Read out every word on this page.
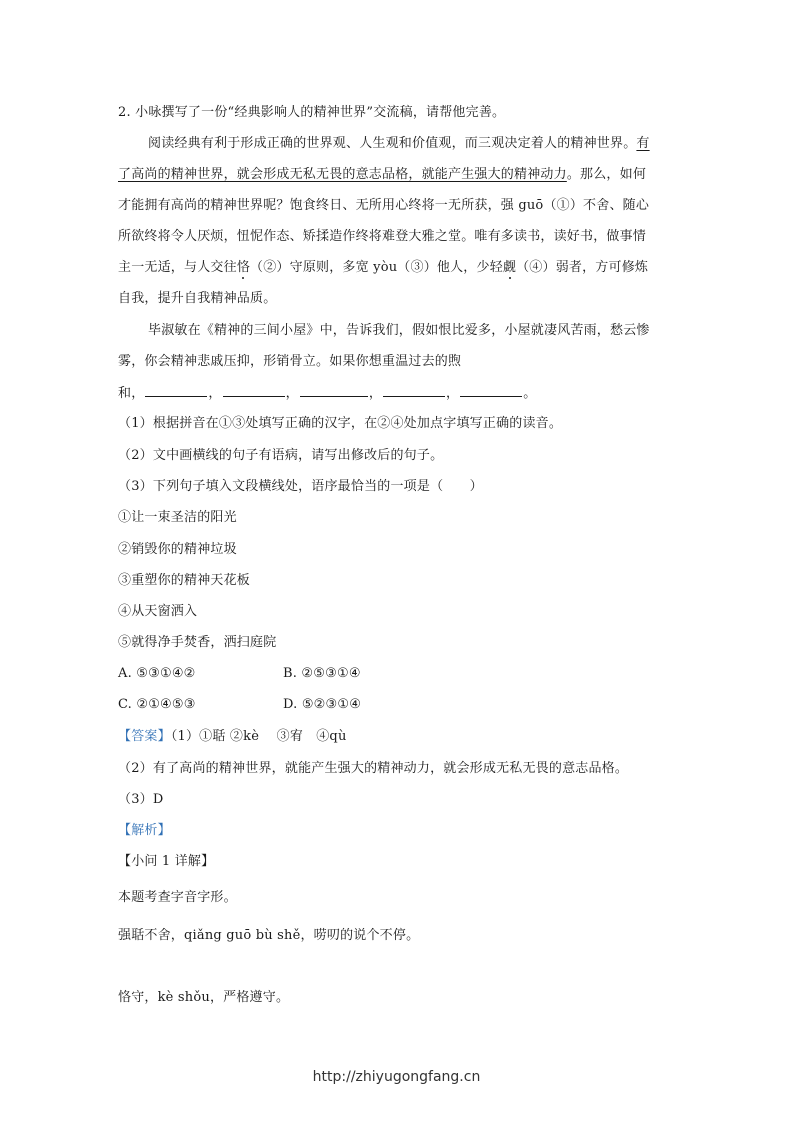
2. 小咏撰写了一份“经典影响人的精神世界”交流稿，请帮他完善。
阅读经典有利于形成正确的世界观、人生观和价值观，而三观决定着人的精神世界。有
了高尚的精神世界，就会形成无私无畏的意志品格，就能产生强大的精神动力。那么，如何
才能拥有高尚的精神世界呢？饱食终日、无所用心终将一无所获，强 guō（①）不舍、随心
所欲终将令人厌烦，忸怩作态、矫揉造作终将难登大雅之堂。唯有多读书，读好书，做事情
主一无适，与人交往恪（②）守原则，多宽 yòu（③）他人，少轻觑（④）弱者，方可修炼
自我，提升自我精神品质。
毕淑敏在《精神的三间小屋》中，告诉我们，假如恨比爱多，小屋就凄风苦雨，愁云惨
雾，你会精神悲戚压抑，形销骨立。如果你想重温过去的煦
和，	，	，	，	，	。
（1）根据拼音在①③处填写正确的汉字，在②④处加点字填写正确的读音。
（2）文中画横线的句子有语病，请写出修改后的句子。
（3）下列句子填入文段横线处，语序最恰当的一项是（　　）
①让一束圣洁的阳光
②销毁你的精神垃圾
③重塑你的精神天花板
④从天窗洒入
⑤就得净手焚香，洒扫庭院
A. ⑤③①④②	B. ②⑤③①④
C. ②①④⑤③	D. ⑤②③①④
【答案】（1）①聒 ②kè　 ③宥　④qù
（2）有了高尚的精神世界，就能产生强大的精神动力，就会形成无私无畏的意志品格。
（3）D
【解析】
【小问 1 详解】
本题考查字音字形。
强聒不舍，qiǎng guō bù shě，唠叨的说个不停。
恪守，kè shǒu，严格遵守。
http://zhiyugongfang.cn
